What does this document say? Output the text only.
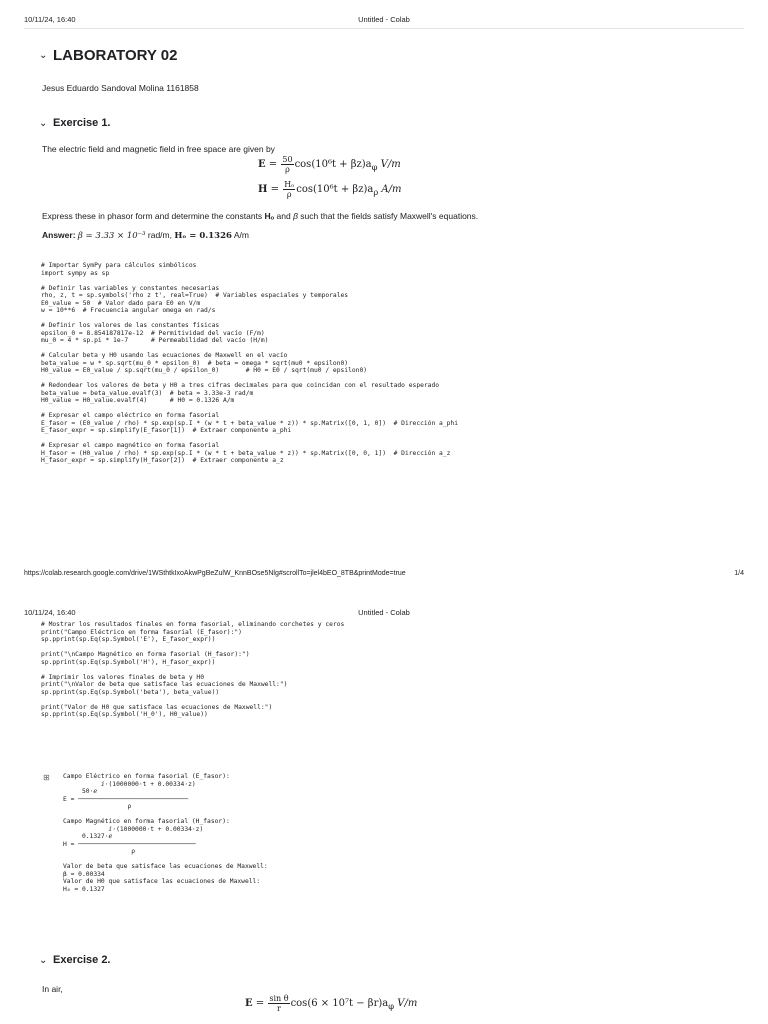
10/11/24, 16:40	Untitled - Colab
⌄ LABORATORY 02
Jesus Eduardo Sandoval Molina 1161858
⌄ Exercise 1.
The electric field and magnetic field in free space are given by
$E = \frac{50}{\rho} \cos(10^6t + \beta z)a_\varphi$ V/m
$H = \frac{\text{Hₒ}}{\rho} \cos(10^6t + \beta z)a_\rho$ A/m
Express these in phasor form and determine the constants Hₒ and β such that the fields satisfy Maxwell's equations.
Answer: β = 3.33 × 10⁻³ rad/m, Hₒ = 0.1326 A/m
# Importar SymPy para cálculos simbólicos
import sympy as sp

# Definir las variables y constantes necesarias
rho, z, t = sp.symbols('rho z t', real=True)  # Variables espaciales y temporales
E0_value = 50  # Valor dado para E0 en V/m
w = 10**6  # Frecuencia angular omega en rad/s

# Definir los valores de las constantes físicas
epsilon_0 = 8.854187817e-12  # Permitividad del vacío (F/m)
mu_0 = 4 * sp.pi * 1e-7      # Permeabilidad del vacío (H/m)

# Calcular beta y H0 usando las ecuaciones de Maxwell en el vacío
beta_value = w * sp.sqrt(mu_0 * epsilon_0)  # beta = omega * sqrt(mu0 * epsilon0)
H0_value = E0_value / sp.sqrt(mu_0 / epsilon_0)       # H0 = E0 / sqrt(mu0 / epsilon0)

# Redondear los valores de beta y H0 a tres cifras decimales para que coincidan con el resultado esperado
beta_value = beta_value.evalf(3)  # beta = 3.33e-3 rad/m
H0_value = H0_value.evalf(4)      # H0 = 0.1326 A/m

# Expresar el campo eléctrico en forma fasorial
E_fasor = (E0_value / rho) * sp.exp(sp.I * (w * t + beta_value * z)) * sp.Matrix([0, 1, 0])  # Dirección a_phi
E_fasor_expr = sp.simplify(E_fasor[1])  # Extraer componente a_phi

# Expresar el campo magnético en forma fasorial
H_fasor = (H0_value / rho) * sp.exp(sp.I * (w * t + beta_value * z)) * sp.Matrix([0, 0, 1])  # Dirección a_z
H_fasor_expr = sp.simplify(H_fasor[2])  # Extraer componente a_z
https://colab.research.google.com/drive/1WSthtkIxoAkwPgBeZulW_KnnBOse5Nlg#scrollTo=jlel4bEO_8TB&printMode=true	1/4
10/11/24, 16:40	Untitled - Colab
# Mostrar los resultados finales en forma fasorial, eliminando corchetes y ceros
print("Campo Eléctrico en forma fasorial (E_fasor):")
sp.pprint(sp.Eq(sp.Symbol('E'), E_fasor_expr))

print("\nCampo Magnético en forma fasorial (H_fasor):")
sp.pprint(sp.Eq(sp.Symbol('H'), H_fasor_expr))

# Imprimir los valores finales de beta y H0
print("\nValor de beta que satisface las ecuaciones de Maxwell:")
sp.pprint(sp.Eq(sp.Symbol('beta'), beta_value))

print("Valor de H0 que satisface las ecuaciones de Maxwell:")
sp.pprint(sp.Eq(sp.Symbol('H_0'), H0_value))
⊞ Campo Eléctrico en forma fasorial (E_fasor):
ⅈ⋅(1000000⋅t + 0.00334⋅z)
50⋅ℯ
E = ─────────────────────────────
ρ

Campo Magnético en forma fasorial (H_fasor):
ⅈ⋅(1000000⋅t + 0.00334⋅z)
0.1327⋅ℯ
H = ───────────────────────────────
ρ

Valor de beta que satisface las ecuaciones de Maxwell:
β = 0.00334
Valor de H0 que satisface las ecuaciones de Maxwell:
H₀ = 0.1327
⌄ Exercise 2.
In air,
$E = \frac{\text{sin θ}}{r} \cos(6 \times 10^7t - \beta r)a_\varphi$ V/m
